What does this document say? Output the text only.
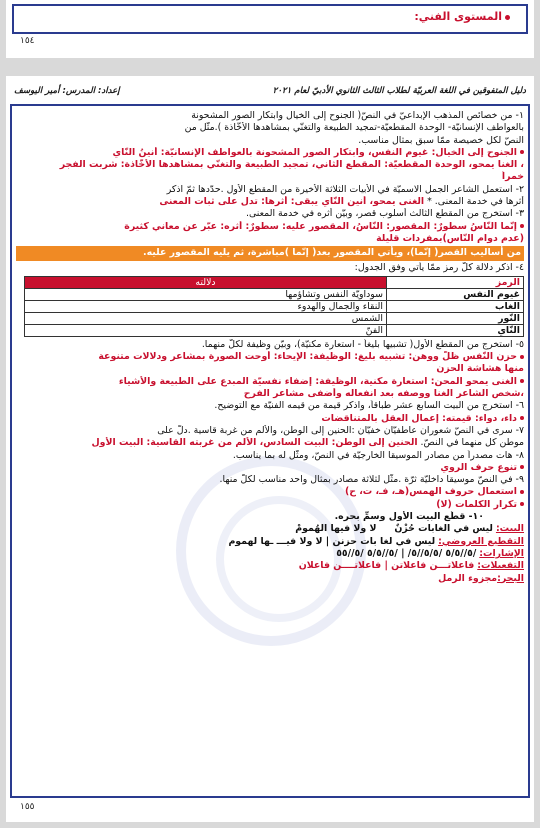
المستوى الفني:
١٥٤
دليل المتفوقين في اللغة العربيّة لطلاب الثالث الثانوي الأدبيّ لعام ٢٠٢١
إعداد: المدرس: أمير اليوسف
١- من خصائص المذهب الإبداعيّ في النصّ( الجنوح إلى الخيال وابتكار الصور المشحونة
بالعواطف الإنسانيّة- الوحدة المقطعيّة-تمجيد الطبيعة والتغنّي بمشاهدها الأخّاذة ).مثّل من
النصّ لكل خصيصة ممّا سبق بمثال مناسب.
الجنوح إلى الخيال: غيوم النفس، وابتكار الصور المشحونة بالعواطف الإنسانيّة: أنينُ النّاي
، الغنا يمحو، الوحدة المقطعيّة: المقطع الثاني، تمجيد الطبيعة والتغنّي بمشاهدها الأخّاذة: شربت الفجر
خمراً
٢- استعمل الشاعر الجمل الاسميّة في الأبيات الثلاثة الأخيرة من المقطع الأول .حدّدها ثمّ اذكر
أثرها في خدمة المعنى. * الغنى يمحو، أنين النّاي يبقى: أثرها: تدل على ثبات المعنى
٣- استخرج من المقطع الثالث أسلوب قصر، وبيّن أثره في خدمة المعنى.
إنّما النّاسُ سطورٌ: المقصور: النّاسُ، المقصور عليه: سطورٌ: أثره: عبّر عن معاني كثيرة
(عدم دوام النّاس)بمفردات قليلة
من أساليب القصر( إنّما)، ويأتي المقصور بعد( إنّما )مباشرة، ثم يليه المقصور عليه.
٤- اذكر دلالة كلّ رمز ممّا يأتي وفق الجدول:
الرمز	دلالته
غيوم النفس	سوداويّة النفس وتشاؤمها
الغاب	النقاء والجمال والهدوء
النّور	الشمس
النّاي	الفنّ
٥- استخرج من المقطع الأول( تشبيها بليغاً - استعارة مكنيّة)، وبيّن وظيفة لكلّ منهما.
حزن النّفس ظلّ ووهن: تشبيه بليغ: الوظيفة: الإيحاء: أوحت الصورة بمشاعر ودلالات متنوعة
منها هشاشة الحزن
الغنى يمحو المحن: استعارة مكنية، الوظيفة: إضفاء نفسيّة المبدع على الطبيعة والأشياء
،شخص الشاعر الغنا ووصفه بعد انفعاله وأضفى مشاعر الفرح
٦- استخرج من البيت السابع عشر طباقاً، واذكر قيمة من قيمه الفنيّة مع التوضيح.
داء، دواء: قيمته: إعمال العقل بالمتناقضات
٧- سرى في النصّ شعوران عاطفيّان خفيّان :الحنين إلى الوطن، والألم من غربة قاسية .دلّ على
موطن كل منهما في النصّ. الحنين إلى الوطن: البيت السادس، الألم من غربته القاسية: البيت الأول
٨- هات مصدراً من مصادر الموسيقا الخارجيّة في النصّ، ومثّل له بما يناسب.
تنوع حرف الروي
٩- في النصّ موسيقا داخليّة ثرّة .مثّل لثلاثة مصادر بمثال واحد مناسب لكلّ منها.
استعمال حروف الهمس(هـ، فـ، ت، ح)
تكرار الكلمات (لا)
١٠- قطّع البيت الأول وسمِّ بحره.
البيت: ليس في الغابات حُزْنٌ      لا ولا فيها الهُمومْ
التقطيع العروضي: ليس في لغا بات حزنن | لا ولا فيـــ ـها لهموم
الإشارات: /٥//٥/٥ /٥/٥//٥/ | /٥//٥/٥ /٥//٥٥
التفعيلات: فاعلاتـــن فاعلاتن | فاعلاتــــن فاعلان
البحر:مجزوء الرمل
١٥٥
